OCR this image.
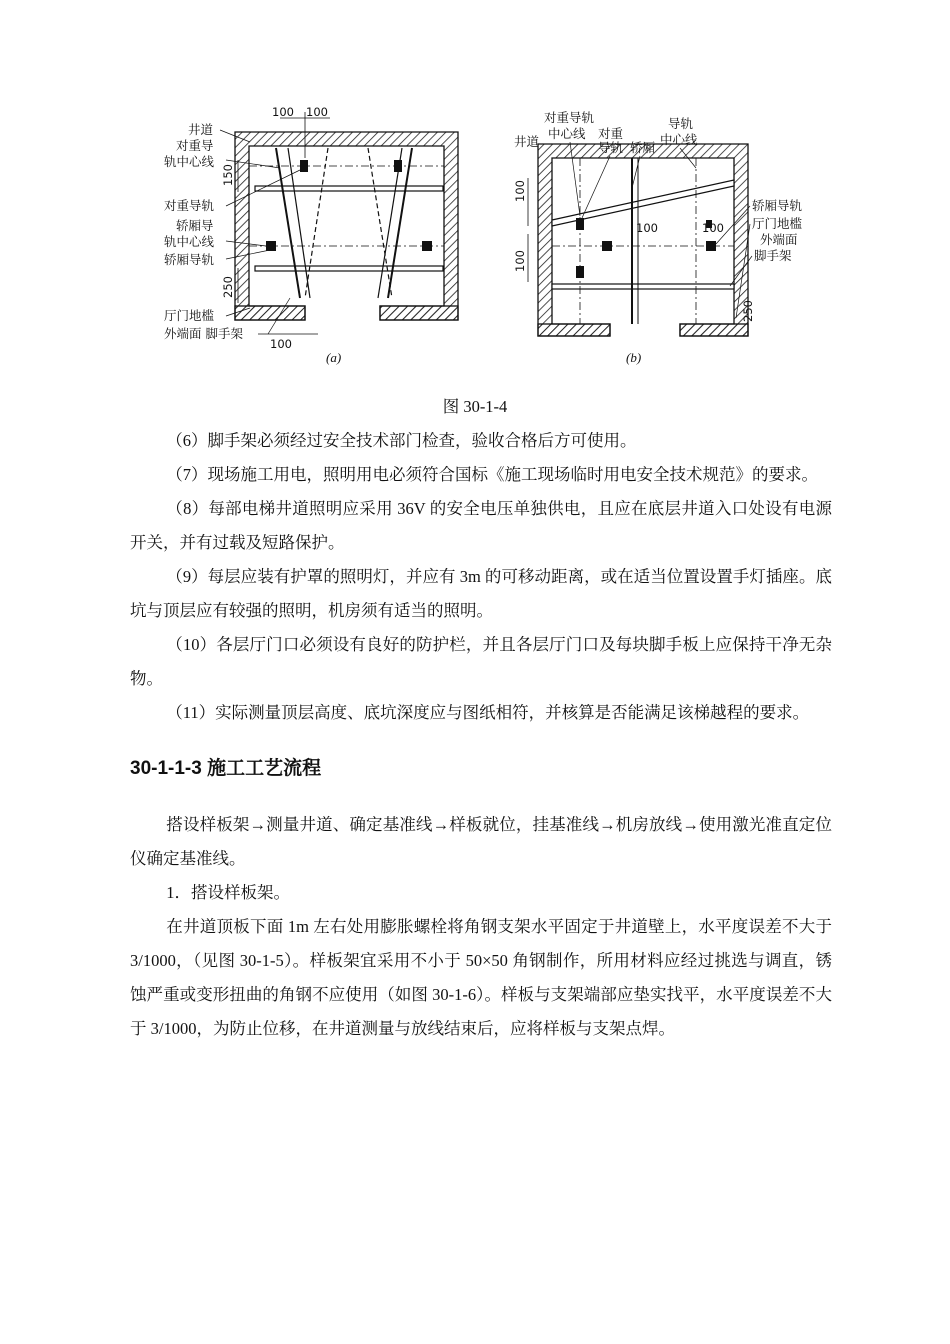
100 100
150
250
100
井道
对重导
轨中心线
对重导轨
轿厢导
轨中心线
轿厢导轨
厅门地槛
外端面 脚手架
(a)
100
100
100	100
250
对重导轨
中心线
井道
对重
导轨 轿厢
导轨
中心线
轿厢导轨
厅门地槛
外端面
脚手架
(b)
图 30-1-4

（6）脚手架必须经过安全技术部门检查，验收合格后方可使用。

（7）现场施工用电，照明用电必须符合国标《施工现场临时用电安全技术规范》的要求。

（8）每部电梯井道照明应采用 36V 的安全电压单独供电，且应在底层井道入口处设有电源开关，并有过载及短路保护。

（9）每层应装有护罩的照明灯，并应有 3m 的可移动距离，或在适当位置设置手灯插座。底坑与顶层应有较强的照明，机房须有适当的照明。

（10）各层厅门口必须设有良好的防护栏，并且各层厅门口及每块脚手板上应保持干净无杂物。

（11）实际测量顶层高度、底坑深度应与图纸相符，并核算是否能满足该梯越程的要求。

30-1-1-3 施工工艺流程

搭设样板架→测量井道、确定基准线→样板就位，挂基准线→机房放线→使用激光准直定位仪确定基准线。

1．搭设样板架。

在井道顶板下面 1m 左右处用膨胀螺栓将角钢支架水平固定于井道壁上，水平度误差不大于 3/1000，（见图 30-1-5）。样板架宜采用不小于 50×50 角钢制作，所用材料应经过挑选与调直，锈蚀严重或变形扭曲的角钢不应使用（如图 30-1-6）。样板与支架端部应垫实找平，水平度误差不大于 3/1000，为防止位移，在井道测量与放线结束后，应将样板与支架点焊。
